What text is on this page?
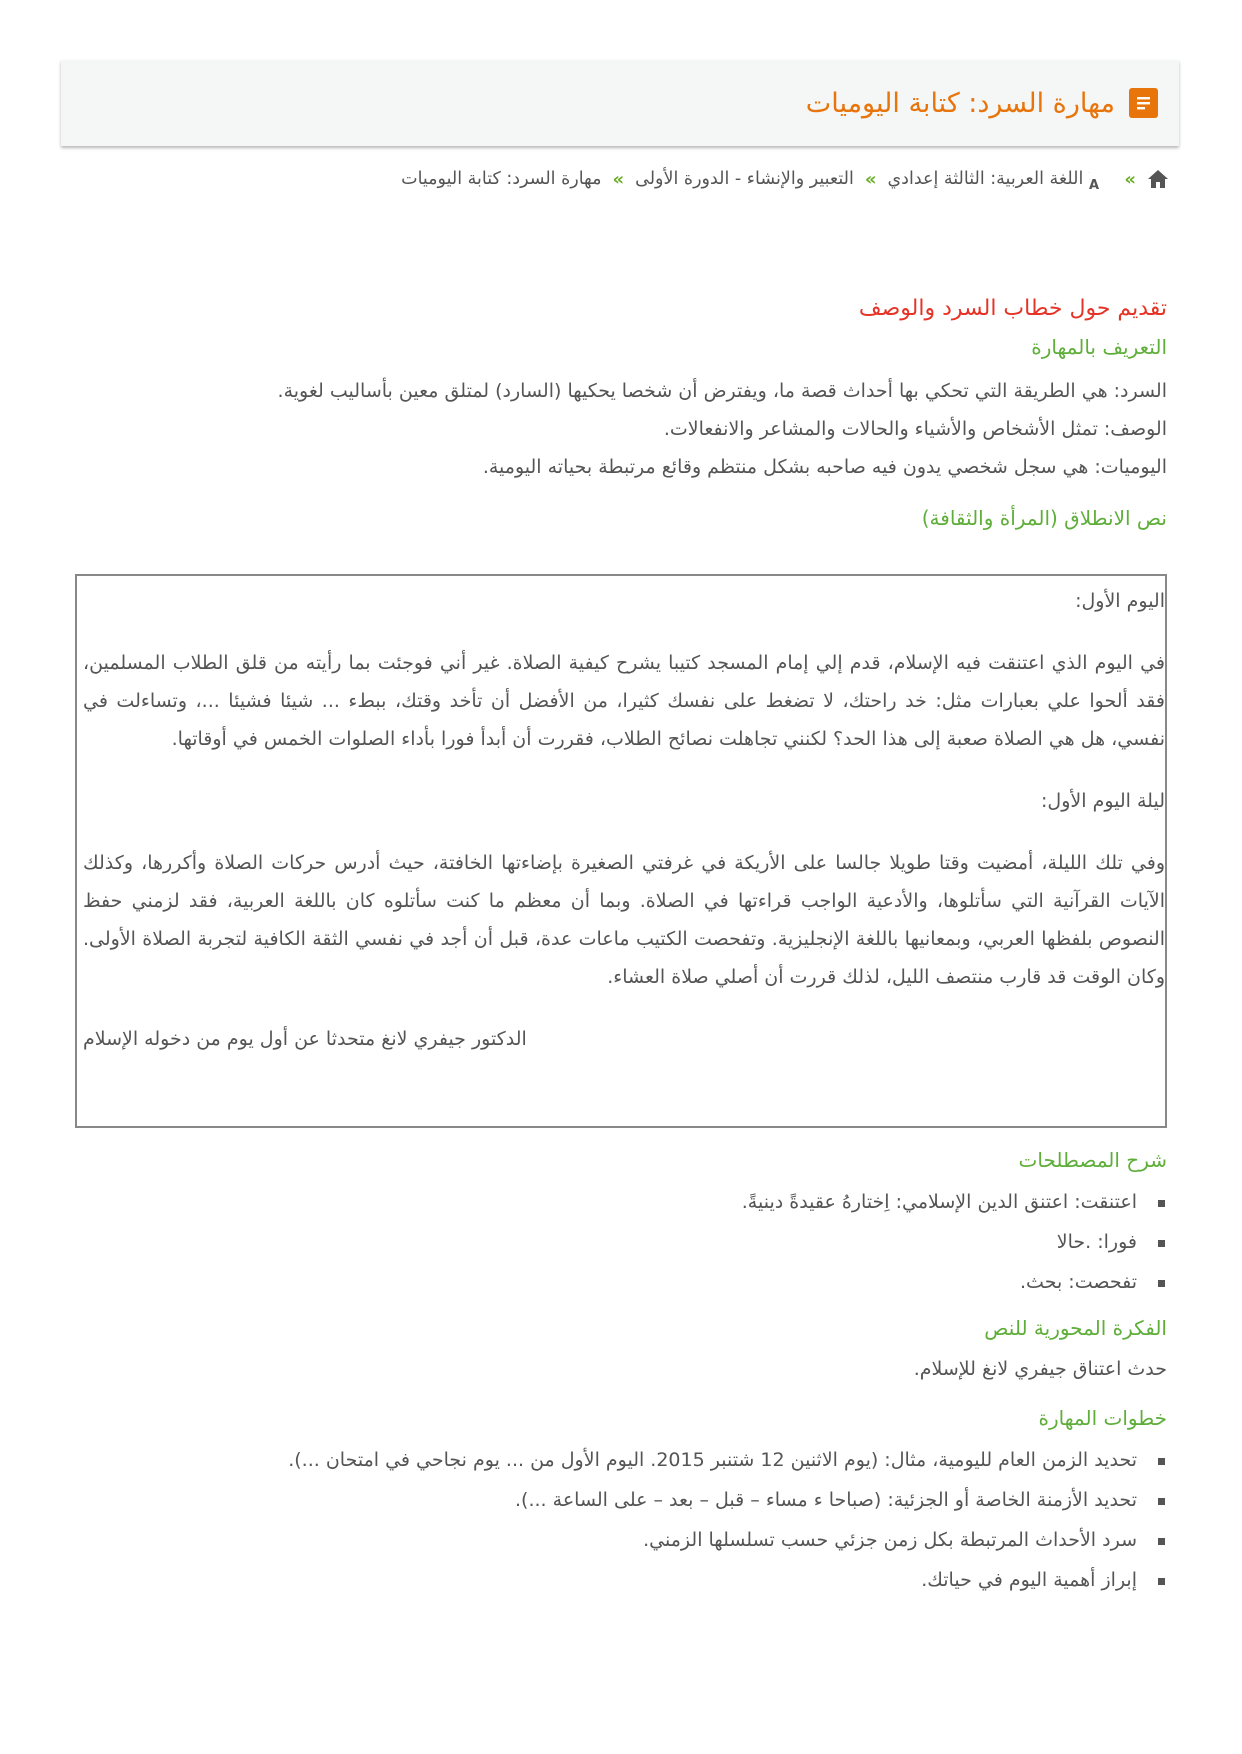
مهارة السرد: كتابة اليوميات
»
A
اللغة العربية: الثالثة إعدادي
»
التعبير والإنشاء - الدورة الأولى
»
مهارة السرد: كتابة اليوميات
تقديم حول خطاب السرد والوصف
التعريف بالمهارة

السرد: هي الطريقة التي تحكي بها أحداث قصة ما، ويفترض أن شخصا يحكيها (السارد) لمتلق معين بأساليب لغوية.

الوصف: تمثل الأشخاص والأشياء والحالات والمشاعر والانفعالات.

اليوميات: هي سجل شخصي يدون فيه صاحبه بشكل منتظم وقائع مرتبطة بحياته اليومية.

نص الانطلاق (المرأة والثقافة)

اليوم الأول:

في اليوم الذي اعتنقت فيه الإسلام، قدم إلي إمام المسجد كتيبا يشرح كيفية الصلاة. غير أني فوجئت بما رأيته من قلق الطلاب المسلمين، فقد ألحوا علي بعبارات مثل: خد راحتك، لا تضغط على نفسك كثيرا، من الأفضل أن تأخد وقتك، ببطء ... شيئا فشيئا ...، وتساءلت في نفسي، هل هي الصلاة صعبة إلى هذا الحد؟ لكنني تجاهلت نصائح الطلاب، فقررت أن أبدأ فورا بأداء الصلوات الخمس في أوقاتها.

ليلة اليوم الأول:

وفي تلك الليلة، أمضيت وقتا طويلا جالسا على الأريكة في غرفتي الصغيرة بإضاءتها الخافتة، حيث أدرس حركات الصلاة وأكررها، وكذلك الآيات القرآنية التي سأتلوها، والأدعية الواجب قراءتها في الصلاة. وبما أن معظم ما كنت سأتلوه كان باللغة العربية، فقد لزمني حفظ النصوص بلفظها العربي، وبمعانيها باللغة الإنجليزية. وتفحصت الكتيب ماعات عدة، قبل أن أجد في نفسي الثقة الكافية لتجربة الصلاة الأولى. وكان الوقت قد قارب منتصف الليل، لذلك قررت أن أصلي صلاة العشاء.

الدكتور جيفري لانغ متحدثا عن أول يوم من دخوله الإسلام

شرح المصطلحات
اعتنقت: اعتنق الدين الإسلامي: اِختارهُ عقيدةً دينيةً.
فورا: .حالا
تفحصت: بحث.
الفكرة المحورية للنص

حدث اعتناق جيفري لانغ للإسلام.

خطوات المهارة
تحديد الزمن العام لليومية، مثال: (يوم الاثنين 12 شتنبر 2015. اليوم الأول من ... يوم نجاحي في امتحان ...).
تحديد الأزمنة الخاصة أو الجزئية: (صباحا ء مساء – قبل – بعد – على الساعة ...).
سرد الأحداث المرتبطة بكل زمن جزئي حسب تسلسلها الزمني.
إبراز أهمية اليوم في حياتك.
